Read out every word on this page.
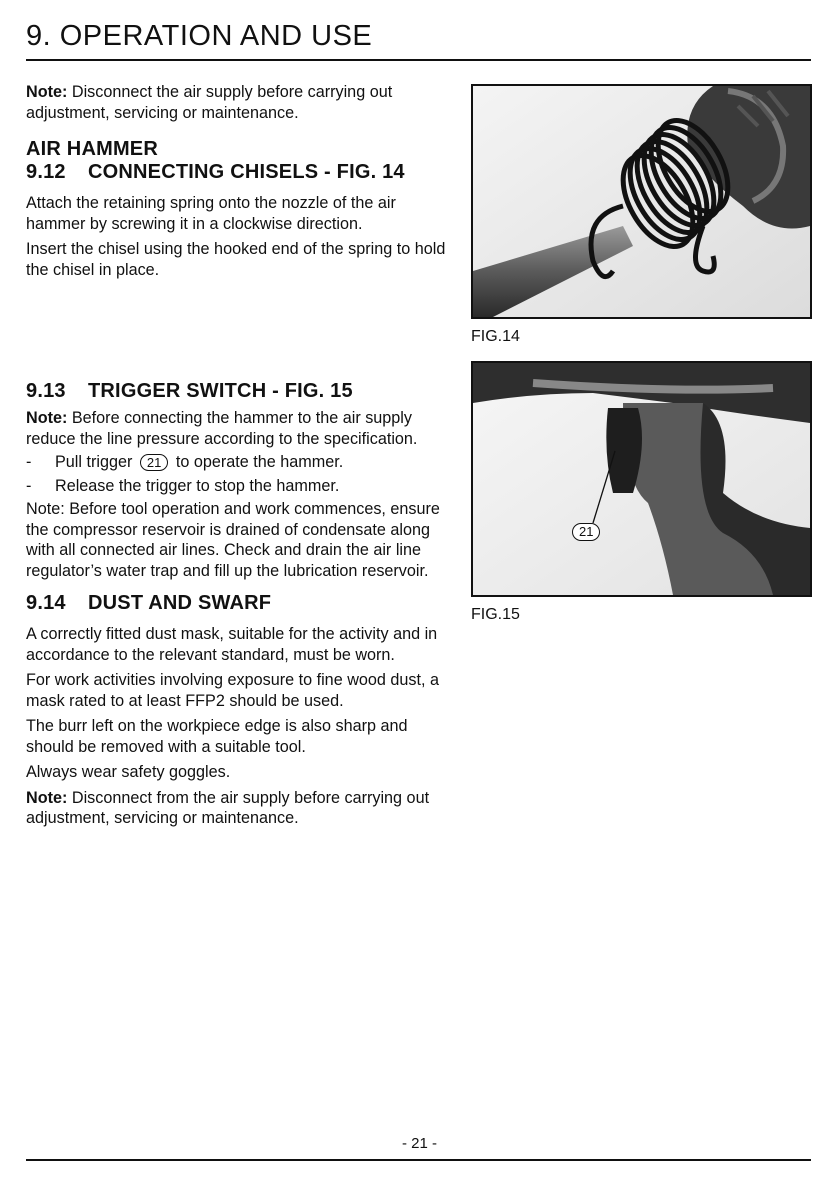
9. OPERATION AND USE

Note: Disconnect the air supply before carrying out adjustment, servicing or maintenance.

AIR HAMMER
9.12 CONNECTING CHISELS - FIG. 14

Attach the retaining spring onto the nozzle of the air hammer by screwing it in a clockwise direction.

Insert the chisel using the hooked end of the spring to hold the chisel in place.

9.13 TRIGGER SWITCH - FIG. 15

Note: Before connecting the hammer to the air supply reduce the line pressure according to the specification.

-	Pull trigger 21 to operate the hammer.
-	Release the trigger to stop the hammer.

Note: Before tool operation and work commences, ensure the compressor reservoir is drained of condensate along with all connected air lines. Check and drain the air line regulator’s water trap and fill up the lubrication reservoir.

9.14 DUST AND SWARF

A correctly fitted dust mask, suitable for the activity and in accordance to the relevant standard, must be worn.

For work activities involving exposure to fine wood dust, a mask rated to at least FFP2 should be used.

The burr left on the workpiece edge is also sharp and should be removed with a suitable tool.

Always wear safety goggles.

Note: Disconnect from the air supply before carrying out adjustment, servicing or maintenance.

FIG.14
21
FIG.15
- 21 -
